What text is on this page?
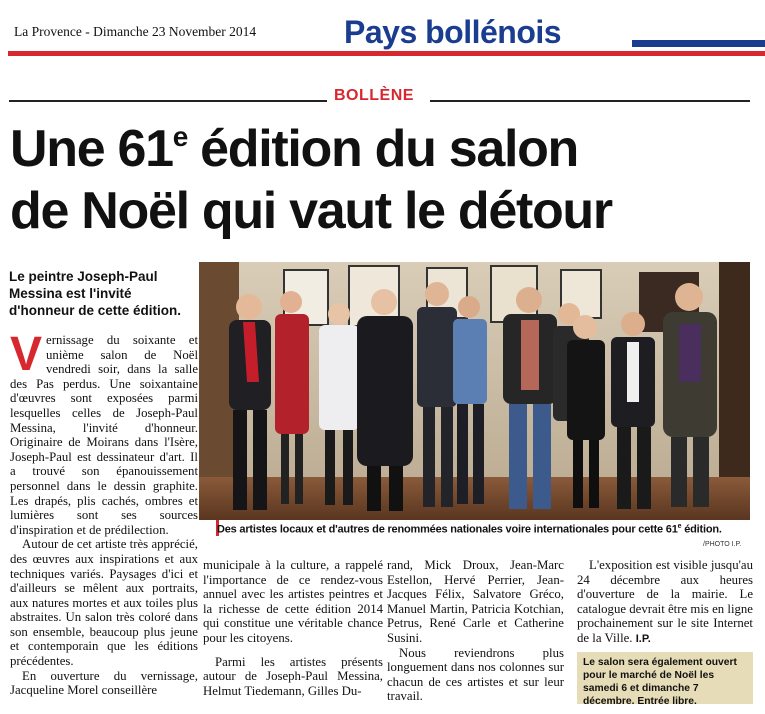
La Provence - Dimanche 23 November 2014	Pays bollénois
BOLLÈNE
Une 61e édition du salon
de Noël qui vaut le détour
Le peintre Joseph-Paul Messina est l'invité d'honneur de cette édition.

Vernissage du soixante et unième salon de Noël vendredi soir, dans la salle des Pas perdus. Une soixantaine d'œuvres sont exposées parmi lesquelles celles de Joseph-Paul Messina, l'invité d'honneur. Originaire de Moirans dans l'Isère, Joseph-Paul est dessinateur d'art. Il a trouvé son épanouissement personnel dans le dessin graphite. Les drapés, plis cachés, ombres et lumières sont ses sources d'inspiration et de prédilection.

Autour de cet artiste très apprécié, des œuvres aux inspirations et aux techniques variés. Paysages d'ici et d'ailleurs se mêlent aux portraits, aux natures mortes et aux toiles plus abstraites. Un salon très coloré dans son ensemble, beaucoup plus jeune et contemporain que les éditions précédentes.

En ouverture du vernissage, Jacqueline Morel conseillère

Des artistes locaux et d'autres de renommées nationales voire internationales pour cette 61e édition.
/PHOTO I.P.

municipale à la culture, a rappelé l'importance de ce rendez-vous annuel avec les artistes peintres et la richesse de cette édition 2014 qui constitue une véritable chance pour les citoyens.

Parmi les artistes présents autour de Joseph-Paul Messina, Helmut Tiedemann, Gilles Du-

rand, Mick Droux, Jean-Marc Estellon, Hervé Perrier, Jean-Jacques Félix, Salvatore Gréco, Manuel Martin, Patricia Kotchian, Petrus, René Carle et Catherine Susini.

Nous reviendrons plus longuement dans nos colonnes sur chacun de ces artistes et sur leur travail.

L'exposition est visible jusqu'au 24 décembre aux heures d'ouverture de la mairie. Le catalogue devrait être mis en ligne prochainement sur le site Internet de la Ville. I.P.

Le salon sera également ouvert pour le marché de Noël les samedi 6 et dimanche 7 décembre. Entrée libre.
